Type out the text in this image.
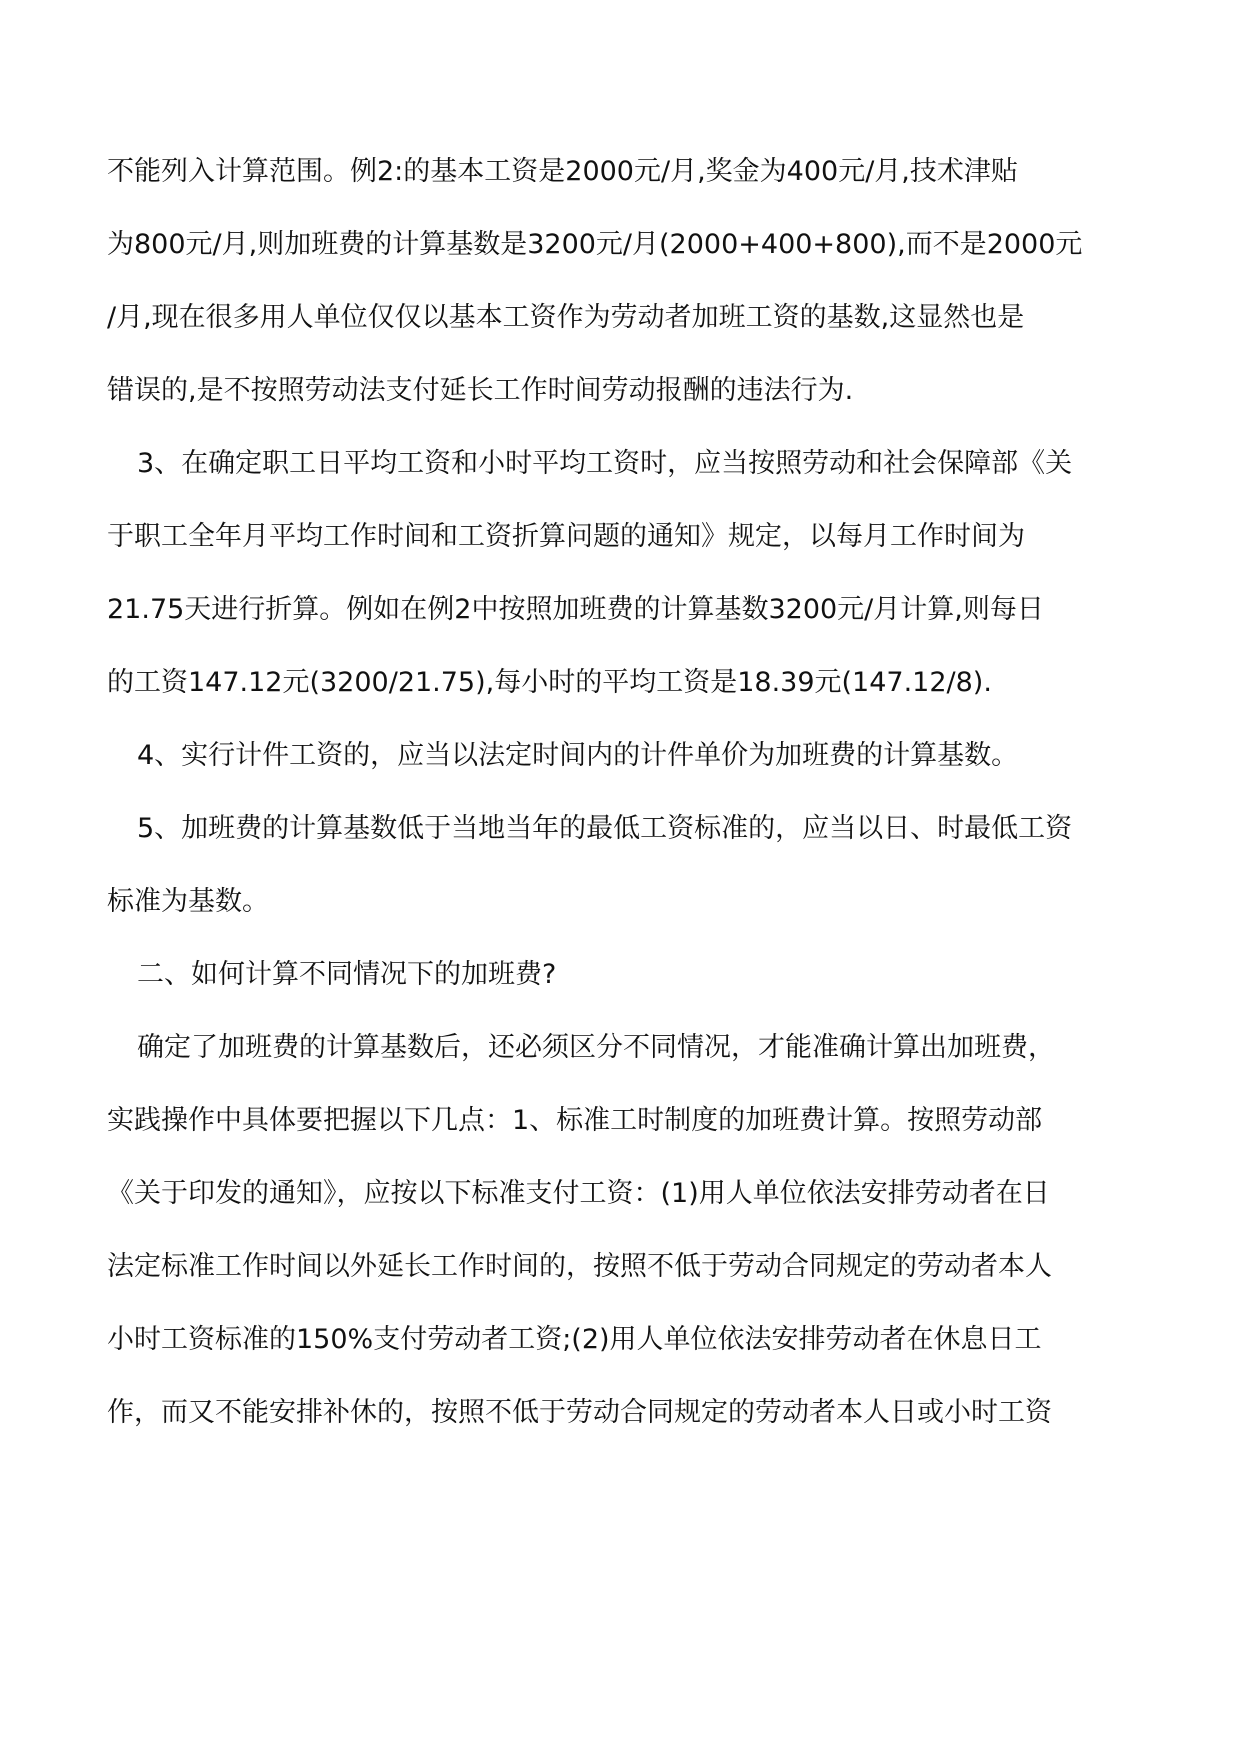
不能列入计算范围。例2:的基本工资是2000元/月,奖金为400元/月,技术津贴
为800元/月,则加班费的计算基数是3200元/月(2000+400+800),而不是2000元
/月,现在很多用人单位仅仅以基本工资作为劳动者加班工资的基数,这显然也是
错误的,是不按照劳动法支付延长工作时间劳动报酬的违法行为.
3、在确定职工日平均工资和小时平均工资时，应当按照劳动和社会保障部《关
于职工全年月平均工作时间和工资折算问题的通知》规定，以每月工作时间为
21.75天进行折算。例如在例2中按照加班费的计算基数3200元/月计算,则每日
的工资147.12元(3200/21.75),每小时的平均工资是18.39元(147.12/8).
4、实行计件工资的，应当以法定时间内的计件单价为加班费的计算基数。
5、加班费的计算基数低于当地当年的最低工资标准的，应当以日、时最低工资
标准为基数。
二、如何计算不同情况下的加班费?
确定了加班费的计算基数后，还必须区分不同情况，才能准确计算出加班费，
实践操作中具体要把握以下几点：1、标准工时制度的加班费计算。按照劳动部
《关于印发的通知》，应按以下标准支付工资：(1)用人单位依法安排劳动者在日
法定标准工作时间以外延长工作时间的，按照不低于劳动合同规定的劳动者本人
小时工资标准的150%支付劳动者工资;(2)用人单位依法安排劳动者在休息日工
作，而又不能安排补休的，按照不低于劳动合同规定的劳动者本人日或小时工资
